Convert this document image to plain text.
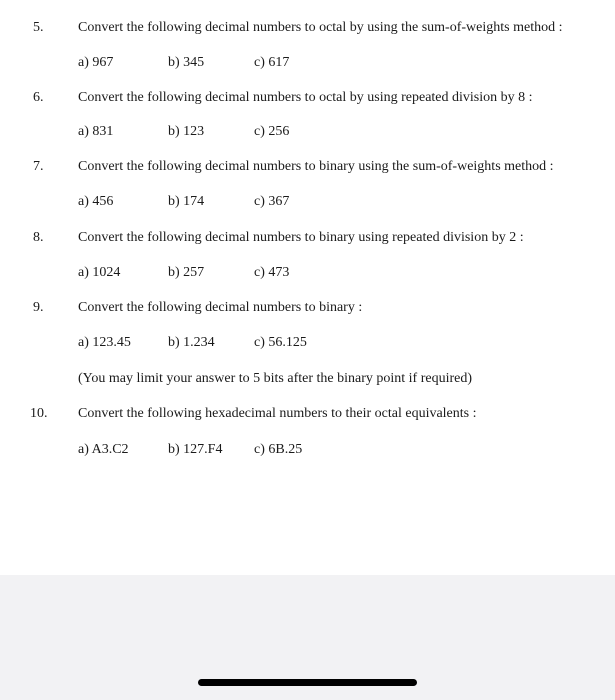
5. Convert the following decimal numbers to octal by using the sum-of-weights method :
a) 967	b) 345	c) 617
6. Convert the following decimal numbers to octal by using repeated division by 8 :
a) 831	b) 123	c) 256
7. Convert the following decimal numbers to binary using the sum-of-weights method :
a) 456	b) 174	c) 367
8. Convert the following decimal numbers to binary using repeated division by 2 :
a) 1024	b) 257	c) 473
9. Convert the following decimal numbers to binary :
a) 123.45	b) 1.234	c) 56.125
(You may limit your answer to 5 bits after the binary point if required)
10. Convert the following hexadecimal numbers to their octal equivalents :
a) A3.C2	b) 127.F4 c) 6B.25
